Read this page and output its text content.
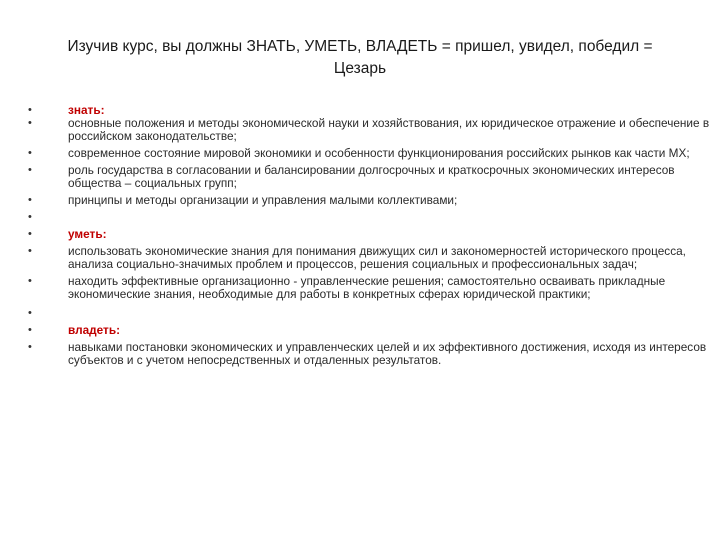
Изучив курс, вы должны ЗНАТЬ, УМЕТЬ, ВЛАДЕТЬ = пришел, увидел, победил = Цезарь
•	знать:
•	основные положения и методы экономической науки и хозяйствования, их юридическое отражение и обеспечение в российском законодательстве;
•	современное состояние мировой экономики и особенности функционирования российских рынков как части МХ;
•	роль государства в согласовании и балансировании долгосрочных и краткосрочных экономических интересов общества – социальных групп;
•	принципы и методы организации и управления малыми коллективами;
•
•	уметь:
•	использовать экономические знания для понимания движущих сил и закономерностей исторического процесса, анализа социально-значимых проблем и процессов, решения социальных и профессиональных задач;
•	находить эффективные организационно - управленческие решения; самостоятельно осваивать прикладные экономические знания, необходимые для работы в конкретных сферах юридической практики;
•
•	владеть:
•	навыками постановки экономических и управленческих целей и их эффективного достижения, исходя из интересов субъектов и с учетом непосредственных и отдаленных результатов.
